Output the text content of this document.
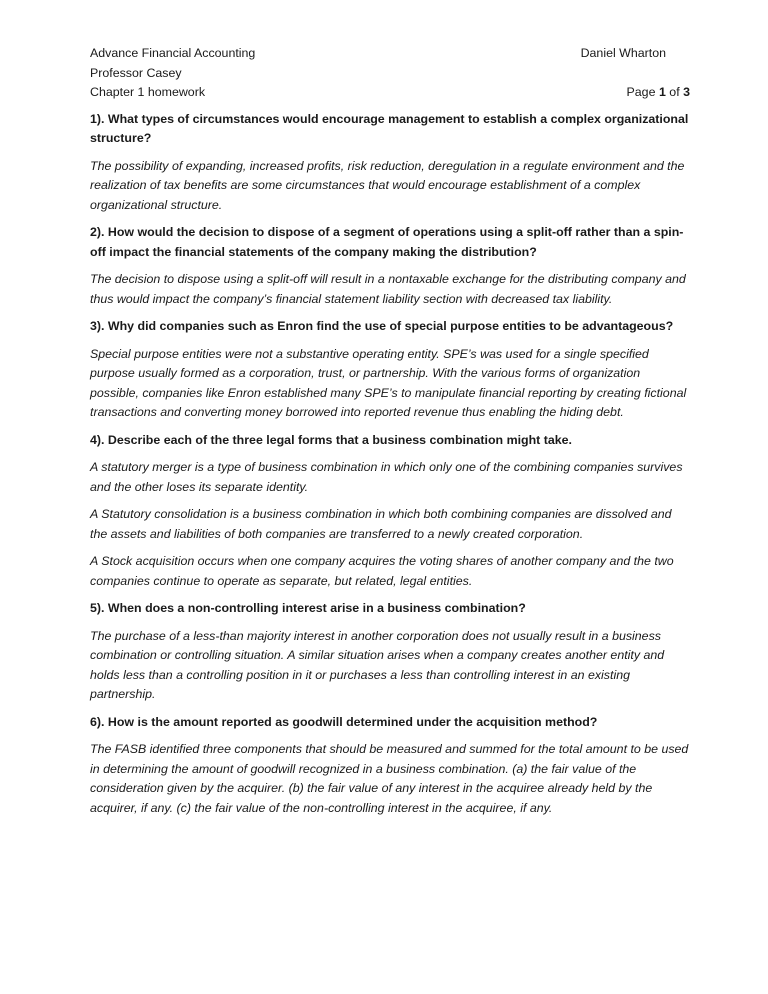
Advance Financial Accounting	Daniel Wharton
Professor Casey
Chapter 1 homework	Page 1 of 3

1). What types of circumstances would encourage management to establish a complex organizational structure?

The possibility of expanding, increased profits, risk reduction, deregulation in a regulate environment and the realization of tax benefits are some circumstances that would encourage establishment of a complex organizational structure.

2). How would the decision to dispose of a segment of operations using a split-off rather than a spin-off impact the financial statements of the company making the distribution?

The decision to dispose using a split-off will result in a nontaxable exchange for the distributing company and thus would impact the company’s financial statement liability section with decreased tax liability.

3). Why did companies such as Enron find the use of special purpose entities to be advantageous?

Special purpose entities were not a substantive operating entity. SPE’s was used for a single specified purpose usually formed as a corporation, trust, or partnership. With the various forms of organization possible, companies like Enron established many SPE’s to manipulate financial reporting by creating fictional transactions and converting money borrowed into reported revenue thus enabling the hiding debt.

4). Describe each of the three legal forms that a business combination might take.

A statutory merger is a type of business combination in which only one of the combining companies survives and the other loses its separate identity.

A Statutory consolidation is a business combination in which both combining companies are dissolved and the assets and liabilities of both companies are transferred to a newly created corporation.

A Stock acquisition occurs when one company acquires the voting shares of another company and the two companies continue to operate as separate, but related, legal entities.

5). When does a non-controlling interest arise in a business combination?

The purchase of a less-than majority interest in another corporation does not usually result in a business combination or controlling situation. A similar situation arises when a company creates another entity and holds less than a controlling position in it or purchases a less than controlling interest in an existing partnership.

6). How is the amount reported as goodwill determined under the acquisition method?

The FASB identified three components that should be measured and summed for the total amount to be used in determining the amount of goodwill recognized in a business combination. (a) the fair value of the consideration given by the acquirer. (b) the fair value of any interest in the acquiree already held by the acquirer, if any. (c) the fair value of the non-controlling interest in the acquiree, if any.
